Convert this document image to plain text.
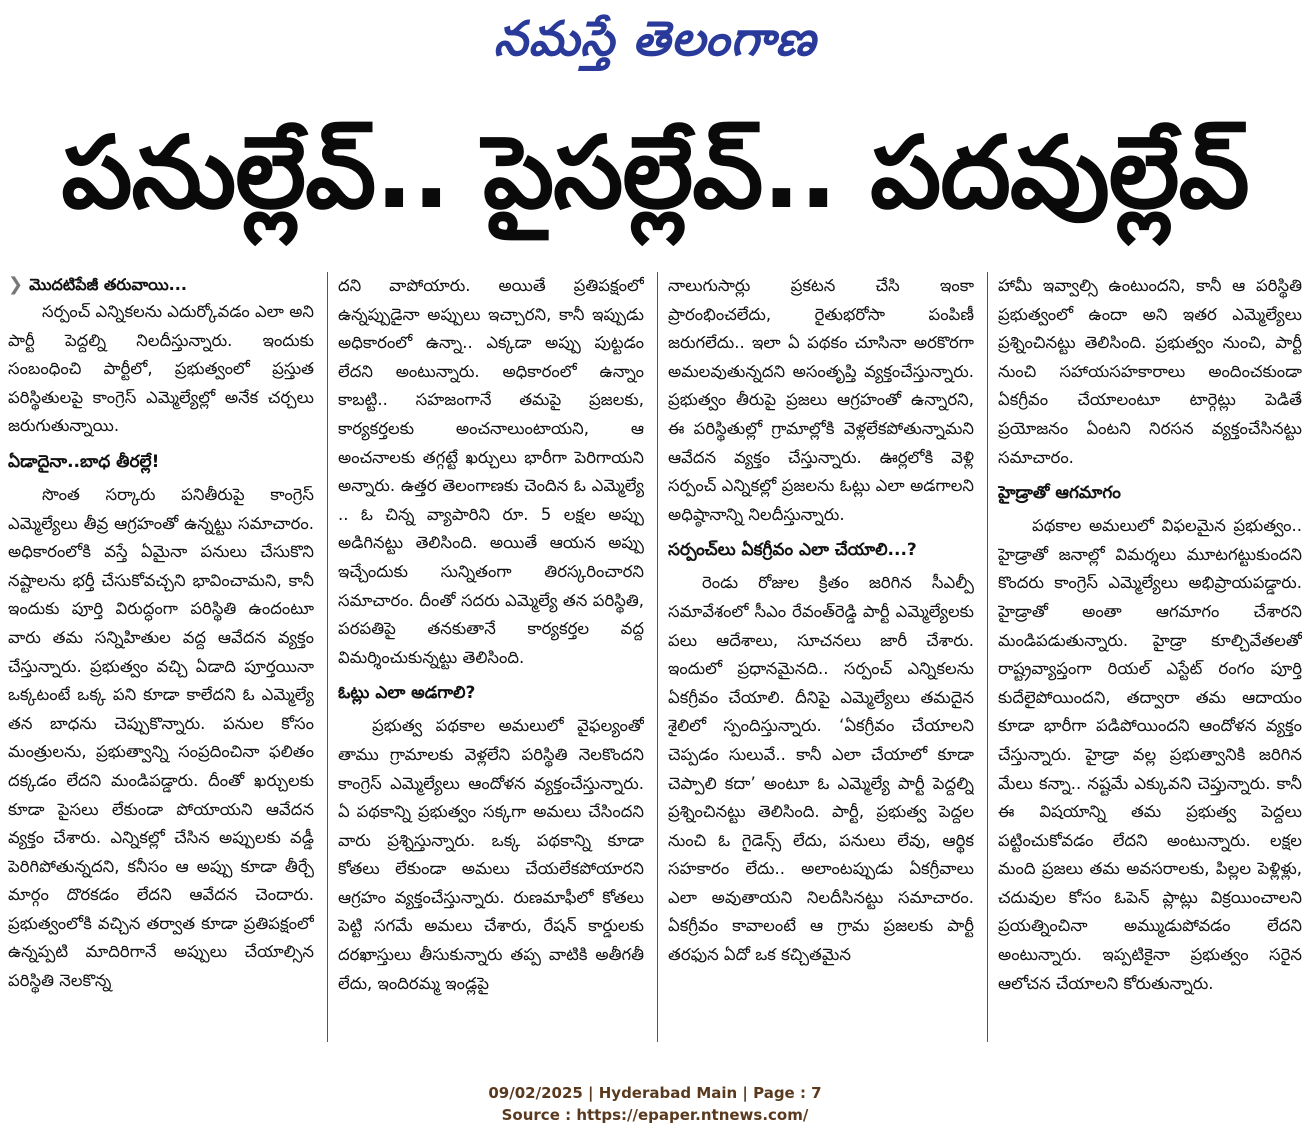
నమస్తే తెలంగాణ
పనుల్లేవ్.. పైసల్లేవ్.. పదవుల్లేవ్
❯ మొదటిపేజీ తరువాయి...

సర్పంచ్ ఎన్నికలను ఎదుర్కోవడం ఎలా అని పార్టీ పెద్దల్ని నిలదీస్తున్నారు. ఇందుకు సంబంధించి పార్టీలో, ప్రభుత్వంలో ప్రస్తుత పరిస్థితులపై కాంగ్రెస్ ఎమ్మెల్యేల్లో అనేక చర్చలు జరుగుతున్నాయి.

ఏడాదైనా..బాధ తీరల్లే!

సొంత సర్కారు పనితీరుపై కాంగ్రెస్ ఎమ్మెల్యేలు తీవ్ర ఆగ్రహంతో ఉన్నట్టు సమాచారం. అధికారంలోకి వస్తే ఏమైనా పనులు చేసుకొని నష్టాలను భర్తీ చేసుకోవచ్చని భావించామని, కానీ ఇందుకు పూర్తి విరుద్ధంగా పరిస్థితి ఉందంటూ వారు తమ సన్నిహితుల వద్ద ఆవేదన వ్యక్తం చేస్తున్నారు. ప్రభుత్వం వచ్చి ఏడాది పూర్తయినా ఒక్కటంటే ఒక్క పని కూడా కాలేదని ఓ ఎమ్మెల్యే తన బాధను చెప్పుకొన్నారు. పనుల కోసం మంత్రులను, ప్రభుత్వాన్ని సంప్రదించినా ఫలితం దక్కడం లేదని మండిపడ్డారు. దీంతో ఖర్చులకు కూడా పైసలు లేకుండా పోయాయని ఆవేదన వ్యక్తం చేశారు. ఎన్నికల్లో చేసిన అప్పులకు వడ్డీ పెరిగిపోతున్నదని, కనీసం ఆ అప్పు కూడా తీర్చే మార్గం దొరకడం లేదని ఆవేదన చెందారు. ప్రభుత్వంలోకి వచ్చిన తర్వాత కూడా ప్రతిపక్షంలో ఉన్నప్పటి మాదిరిగానే అప్పులు చేయాల్సిన పరిస్థితి నెలకొన్న

దని వాపోయారు. అయితే ప్రతిపక్షంలో ఉన్నప్పుడైనా అప్పులు ఇచ్చారని, కానీ ఇప్పుడు అధికారంలో ఉన్నా.. ఎక్కడా అప్పు పుట్టడం లేదని అంటున్నారు. అధికారంలో ఉన్నాం కాబట్టి.. సహజంగానే తమపై ప్రజలకు, కార్యకర్తలకు అంచనాలుంటాయని, ఆ అంచనాలకు తగ్గట్టే ఖర్చులు భారీగా పెరిగాయని అన్నారు. ఉత్తర తెలంగాణకు చెందిన ఓ ఎమ్మెల్యే .. ఓ చిన్న వ్యాపారిని రూ. 5 లక్షల అప్పు అడిగినట్టు తెలిసింది. అయితే ఆయన అప్పు ఇచ్చేందుకు సున్నితంగా తిరస్కరించారని సమాచారం. దీంతో సదరు ఎమ్మెల్యే తన పరిస్థితి, పరపతిపై తనకుతానే కార్యకర్తల వద్ద విమర్శించుకున్నట్టు తెలిసింది.

ఓట్లు ఎలా అడగాలి?

ప్రభుత్వ పథకాల అమలులో వైఫల్యంతో తాము గ్రామాలకు వెళ్లలేని పరిస్థితి నెలకొందని కాంగ్రెస్ ఎమ్మెల్యేలు ఆందోళన వ్యక్తంచేస్తున్నారు. ఏ పథకాన్ని ప్రభుత్వం సక్కగా అమలు చేసిందని వారు ప్రశ్నిస్తున్నారు. ఒక్క పథకాన్ని కూడా కోతలు లేకుండా అమలు చేయలేకపోయారని ఆగ్రహం వ్యక్తంచేస్తున్నారు. రుణమాఫీలో కోతలు పెట్టి సగమే అమలు చేశారు, రేషన్ కార్డులకు దరఖాస్తులు తీసుకున్నారు తప్ప వాటికి అతీగతీ లేదు, ఇందిరమ్మ ఇండ్లపై

నాలుగుసార్లు ప్రకటన చేసి ఇంకా ప్రారంభించలేదు, రైతుభరోసా పంపిణీ జరుగలేదు.. ఇలా ఏ పథకం చూసినా అరకొరగా అమలవుతున్నదని అసంతృప్తి వ్యక్తంచేస్తున్నారు. ప్రభుత్వం తీరుపై ప్రజలు ఆగ్రహంతో ఉన్నారని, ఈ పరిస్థితుల్లో గ్రామాల్లోకి వెళ్లలేకపోతున్నామని ఆవేదన వ్యక్తం చేస్తున్నారు. ఊర్లలోకి వెళ్లి సర్పంచ్ ఎన్నికల్లో ప్రజలను ఓట్లు ఎలా అడగాలని అధిష్ఠానాన్ని నిలదీస్తున్నారు.

సర్పంచ్‌లు ఏకగ్రీవం ఎలా చేయాలి...?

రెండు రోజుల క్రితం జరిగిన సీఎల్పీ సమావేశంలో సీఎం రేవంత్‌రెడ్డి పార్టీ ఎమ్మెల్యేలకు పలు ఆదేశాలు, సూచనలు జారీ చేశారు. ఇందులో ప్రధానమైనది.. సర్పంచ్ ఎన్నికలను ఏకగ్రీవం చేయాలి. దీనిపై ఎమ్మెల్యేలు తమదైన శైలిలో స్పందిస్తున్నారు. ‘ఏకగ్రీవం చేయాలని చెప్పడం సులువే.. కానీ ఎలా చేయాలో కూడా చెప్పాలి కదా’ అంటూ ఓ ఎమ్మెల్యే పార్టీ పెద్దల్ని ప్రశ్నించినట్టు తెలిసింది. పార్టీ, ప్రభుత్వ పెద్దల నుంచి ఓ గైడెన్స్ లేదు, పనులు లేవు, ఆర్థిక సహకారం లేదు.. అలాంటప్పుడు ఏకగ్రీవాలు ఎలా అవుతాయని నిలదీసినట్టు సమాచారం. ఏకగ్రీవం కావాలంటే ఆ గ్రామ ప్రజలకు పార్టీ తరఫున ఏదో ఒక కచ్చితమైన

హామీ ఇవ్వాల్సి ఉంటుందని, కానీ ఆ పరిస్థితి ప్రభుత్వంలో ఉందా అని ఇతర ఎమ్మెల్యేలు ప్రశ్నించినట్టు తెలిసింది. ప్రభుత్వం నుంచి, పార్టీ నుంచి సహాయసహకారాలు అందించకుండా ఏకగ్రీవం చేయాలంటూ టార్గెట్లు పెడితే ప్రయోజనం ఏంటని నిరసన వ్యక్తంచేసినట్టు సమాచారం.

హైడ్రాతో ఆగమాగం

పథకాల అమలులో విఫలమైన ప్రభుత్వం.. హైడ్రాతో జనాల్లో విమర్శలు మూటగట్టుకుందని కొందరు కాంగ్రెస్ ఎమ్మెల్యేలు అభిప్రాయపడ్డారు. హైడ్రాతో అంతా ఆగమాగం చేశారని మండిపడుతున్నారు. హైడ్రా కూల్చివేతలతో రాష్ట్రవ్యాప్తంగా రియల్ ఎస్టేట్ రంగం పూర్తి కుదేలైపోయిందని, తద్వారా తమ ఆదాయం కూడా భారీగా పడిపోయిందని ఆందోళన వ్యక్తం చేస్తున్నారు. హైడ్రా వల్ల ప్రభుత్వానికి జరిగిన మేలు కన్నా.. నష్టమే ఎక్కువని చెప్తున్నారు. కానీ ఈ విషయాన్ని తమ ప్రభుత్వ పెద్దలు పట్టించుకోవడం లేదని అంటున్నారు. లక్షల మంది ప్రజలు తమ అవసరాలకు, పిల్లల పెళ్లిళ్లు, చదువుల కోసం ఓపెన్ ప్లాట్లు విక్రయించాలని ప్రయత్నించినా అమ్ముడుపోవడం లేదని అంటున్నారు. ఇప్పటికైనా ప్రభుత్వం సరైన ఆలోచన చేయాలని కోరుతున్నారు.

09/02/2025 | Hyderabad Main | Page : 7
Source : https://epaper.ntnews.com/
